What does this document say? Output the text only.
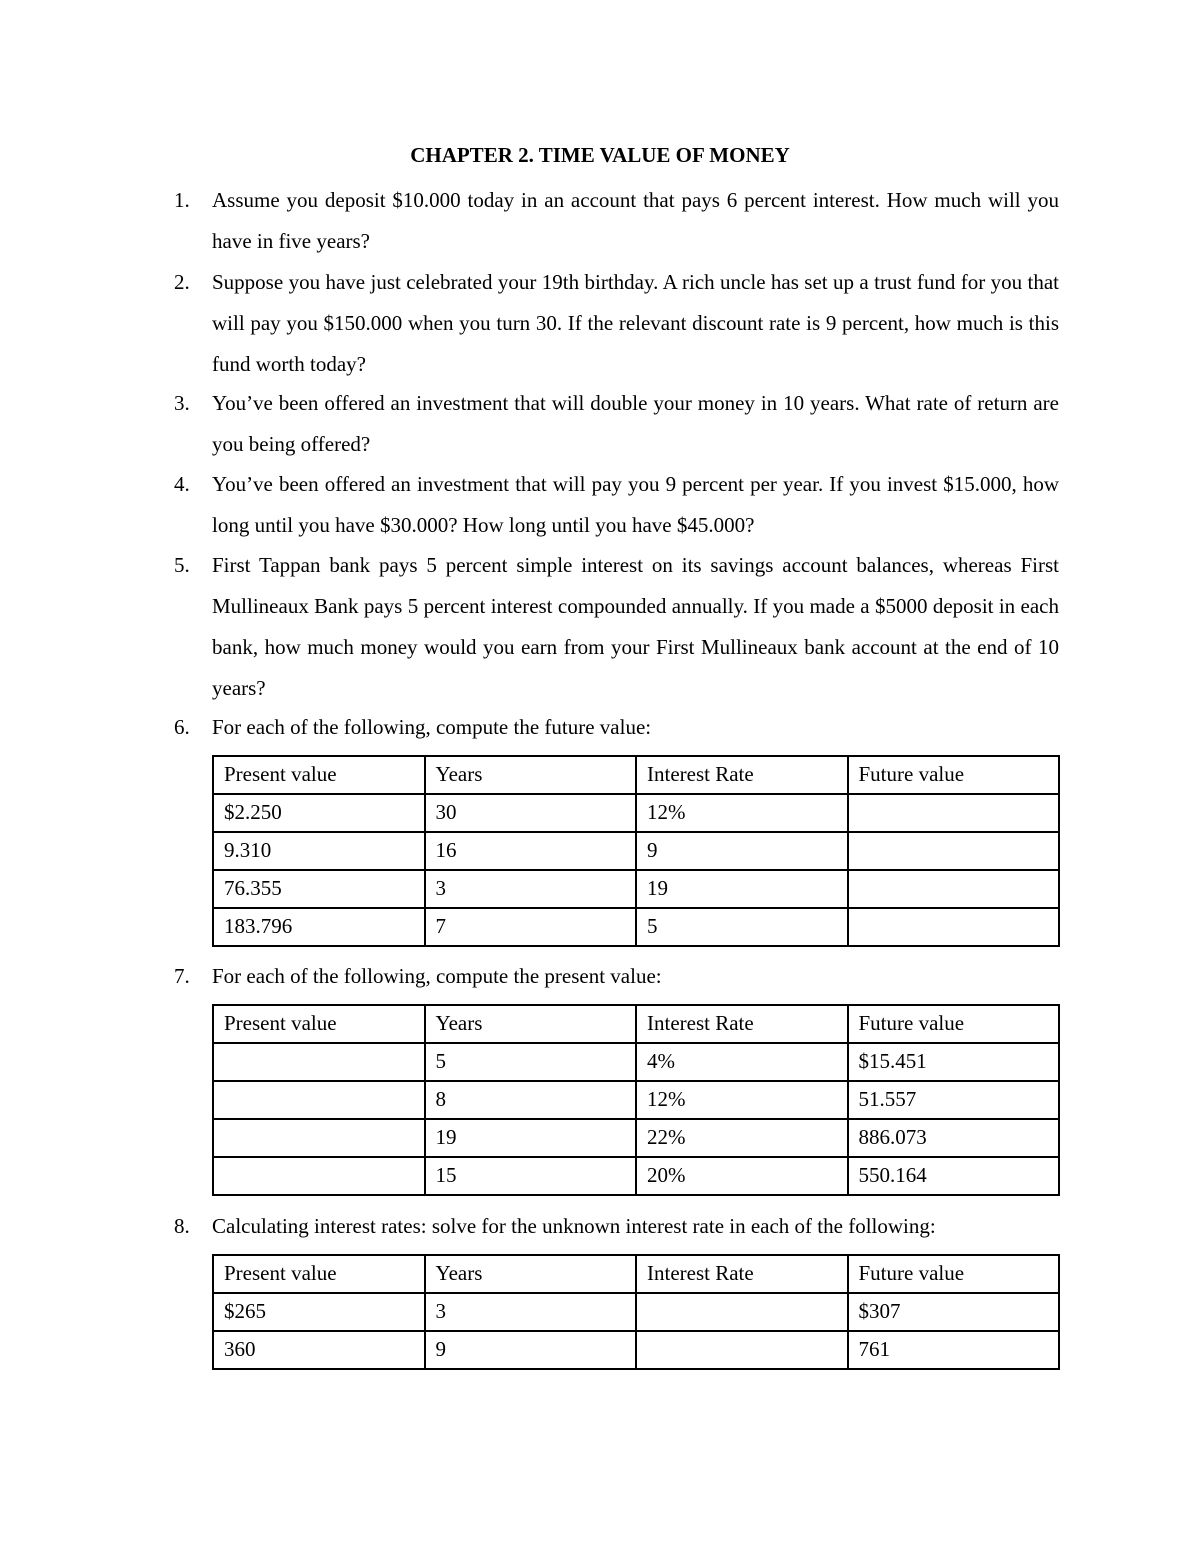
CHAPTER 2. TIME VALUE OF MONEY
1.	Assume you deposit $10.000 today in an account that pays 6 percent interest. How much will you have in five years?
2.	Suppose you have just celebrated your 19th birthday. A rich uncle has set up a trust fund for you that will pay you $150.000 when you turn 30. If the relevant discount rate is 9 percent, how much is this fund worth today?
3.	You’ve been offered an investment that will double your money in 10 years. What rate of return are you being offered?
4.	You’ve been offered an investment that will pay you 9 percent per year. If you invest $15.000, how long until you have $30.000? How long until you have $45.000?
5.	First Tappan bank pays 5 percent simple interest on its savings account balances, whereas First Mullineaux Bank pays 5 percent interest compounded annually. If you made a $5000 deposit in each bank, how much money would you earn from your First Mullineaux bank account at the end of 10 years?
6.	For each of the following, compute the future value:
Present value	Years	Interest Rate	Future value
$2.250	30	12%	
9.310	16	9	
76.355	3	19	
183.796	7	5	
7.	For each of the following, compute the present value:
Present value	Years	Interest Rate	Future value
	5	4%	$15.451
	8	12%	51.557
	19	22%	886.073
	15	20%	550.164
8.	Calculating interest rates: solve for the unknown interest rate in each of the following:
Present value	Years	Interest Rate	Future value
$265	3		$307
360	9		761
